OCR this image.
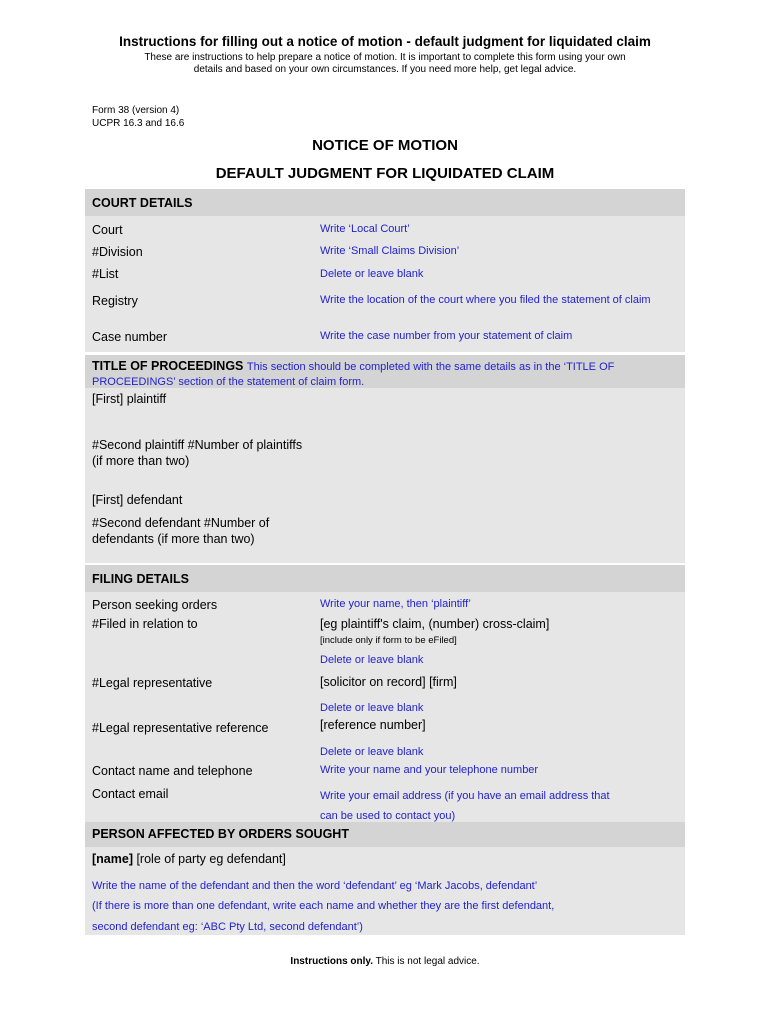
Instructions for filling out a notice of motion - default judgment for liquidated claim
These are instructions to help prepare a notice of motion. It is important to complete this form using your own
details and based on your own circumstances. If you need more help, get legal advice.
Form 38 (version 4)
UCPR 16.3 and 16.6
NOTICE OF MOTION
DEFAULT JUDGMENT FOR LIQUIDATED CLAIM
COURT DETAILS
Court	Write ‘Local Court’
#Division	Write ‘Small Claims Division’
#List	Delete or leave blank
Registry	Write the location of the court where you filed the statement of claim
Case number	Write the case number from your statement of claim
TITLE OF PROCEEDINGS This section should be completed with the same details as in the ‘TITLE OF PROCEEDINGS’ section of the statement of claim form.
[First] plaintiff
#Second plaintiff #Number of plaintiffs (if more than two)
[First] defendant
#Second defendant #Number of defendants (if more than two)
FILING DETAILS
Person seeking orders	Write your name, then ‘plaintiff’
#Filed in relation to	[eg plaintiff's claim, (number) cross-claim]
[include only if form to be eFiled]
Delete or leave blank
#Legal representative	[solicitor on record] [firm]
Delete or leave blank
#Legal representative reference	[reference number]
Delete or leave blank
Contact name and telephone	Write your name and your telephone number
Contact email	Write your email address (if you have an email address that
can be used to contact you)
PERSON AFFECTED BY ORDERS SOUGHT
[name] [role of party eg defendant]
Write the name of the defendant and then the word ‘defendant’ eg ‘Mark Jacobs, defendant’
(If there is more than one defendant, write each name and whether they are the first defendant,
second defendant eg: ‘ABC Pty Ltd, second defendant’)
Instructions only. This is not legal advice.
